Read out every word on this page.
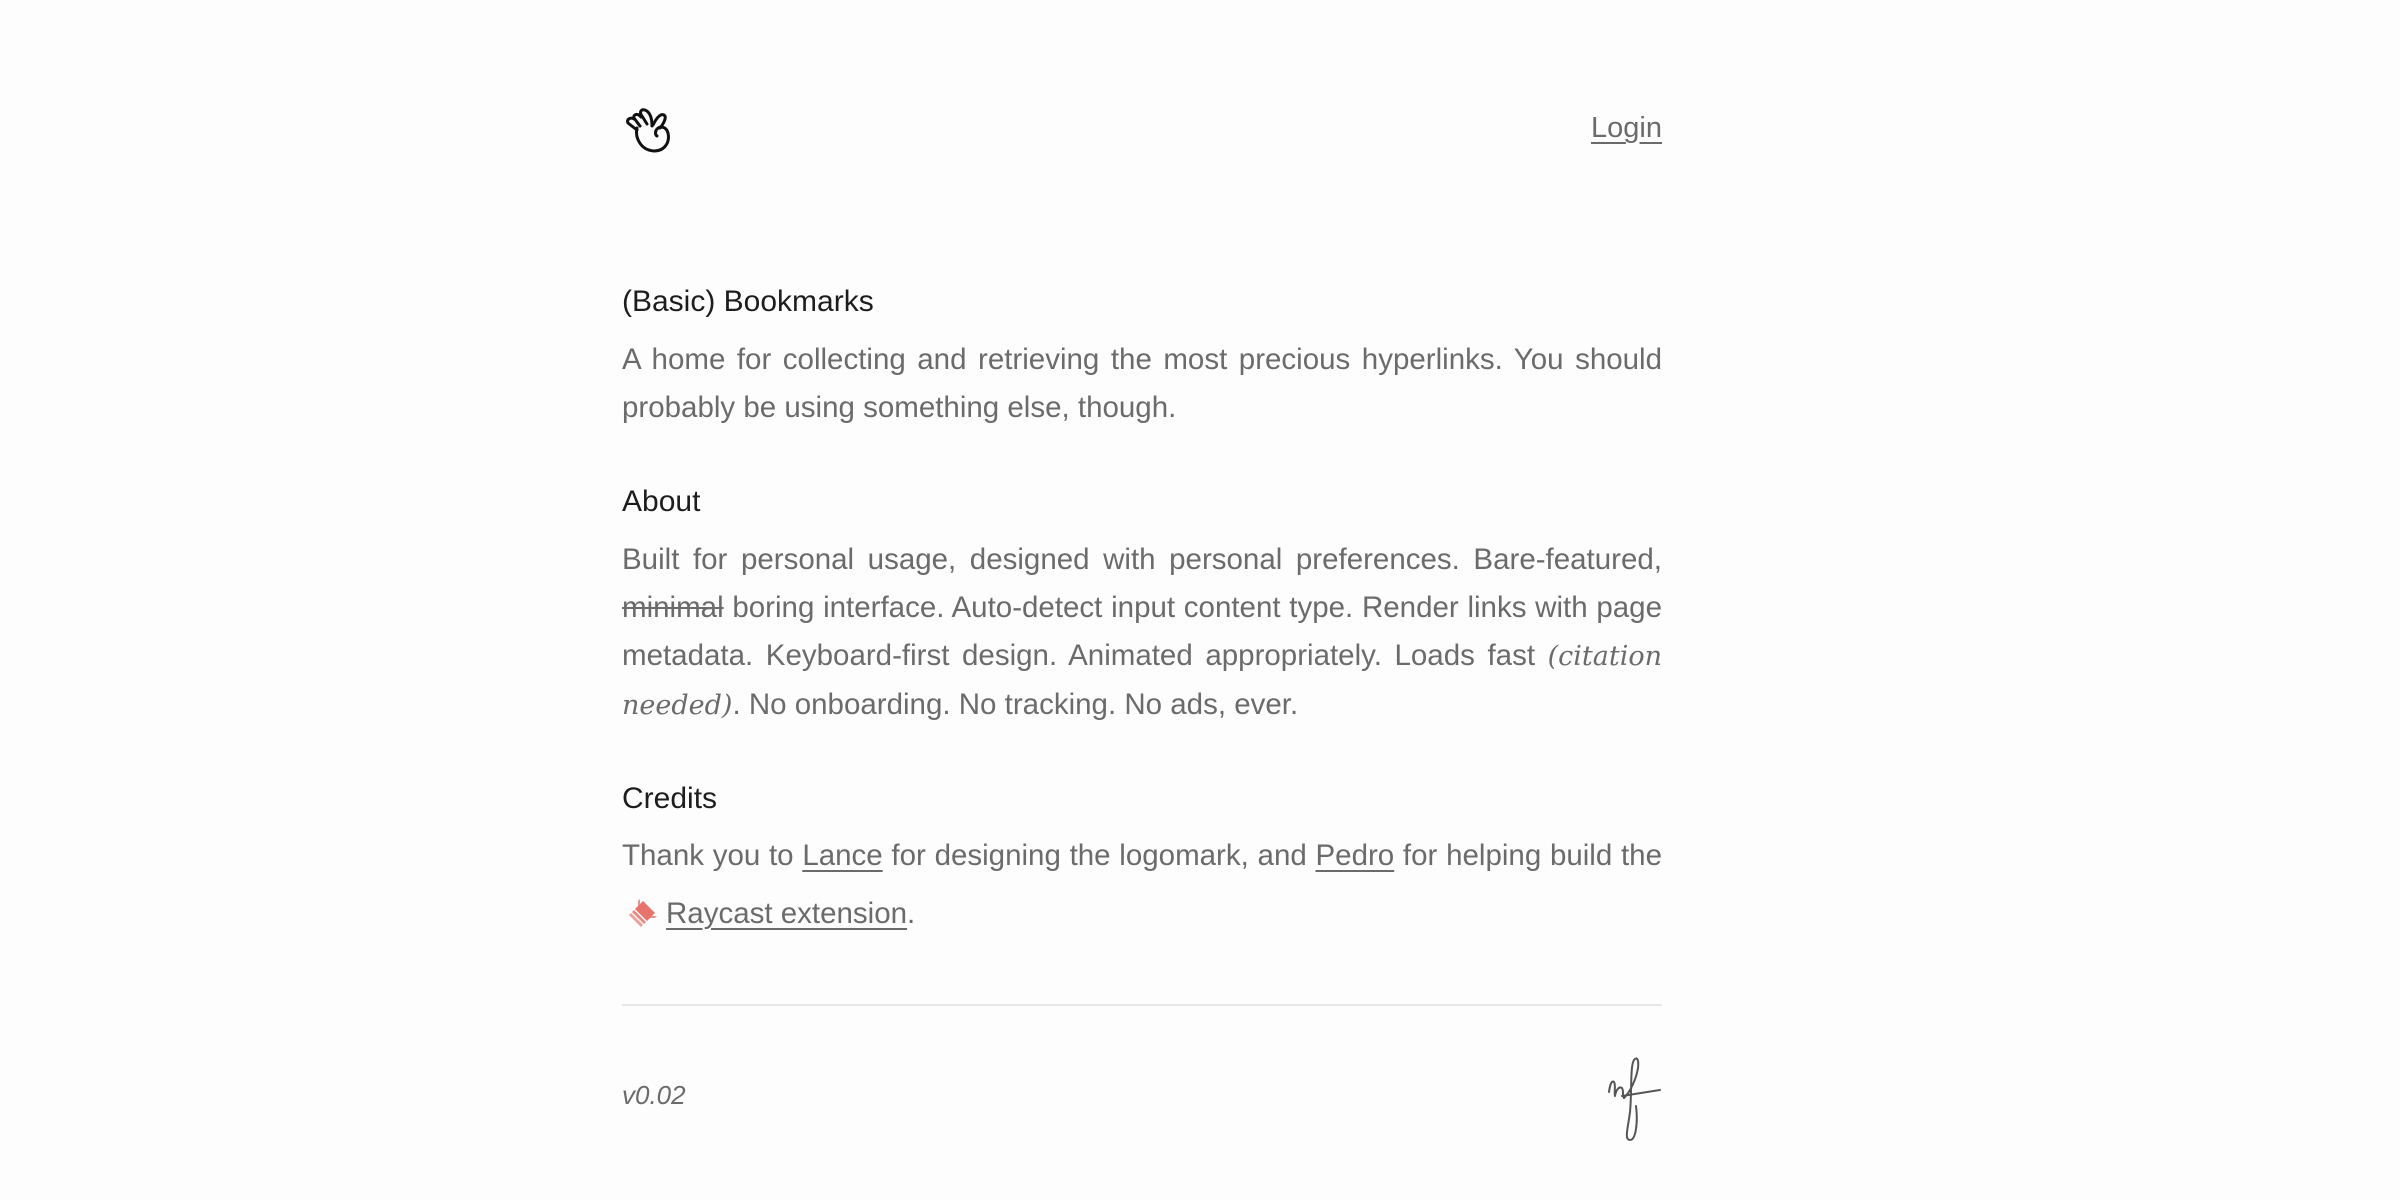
Login
(Basic) Bookmarks

A home for collecting and retrieving the most precious hyperlinks. You should probably be using something else, though.

About

Built for personal usage, designed with personal preferences. Bare-featured, minimal boring interface. Auto-detect input content type. Render links with page metadata. Keyboard-first design. Animated appropriately. Loads fast (citation needed). No onboarding. No tracking. No ads, ever.

Credits

Thank you to Lance for designing the logomark, and Pedro for helping build theRaycast extension.

v0.02
